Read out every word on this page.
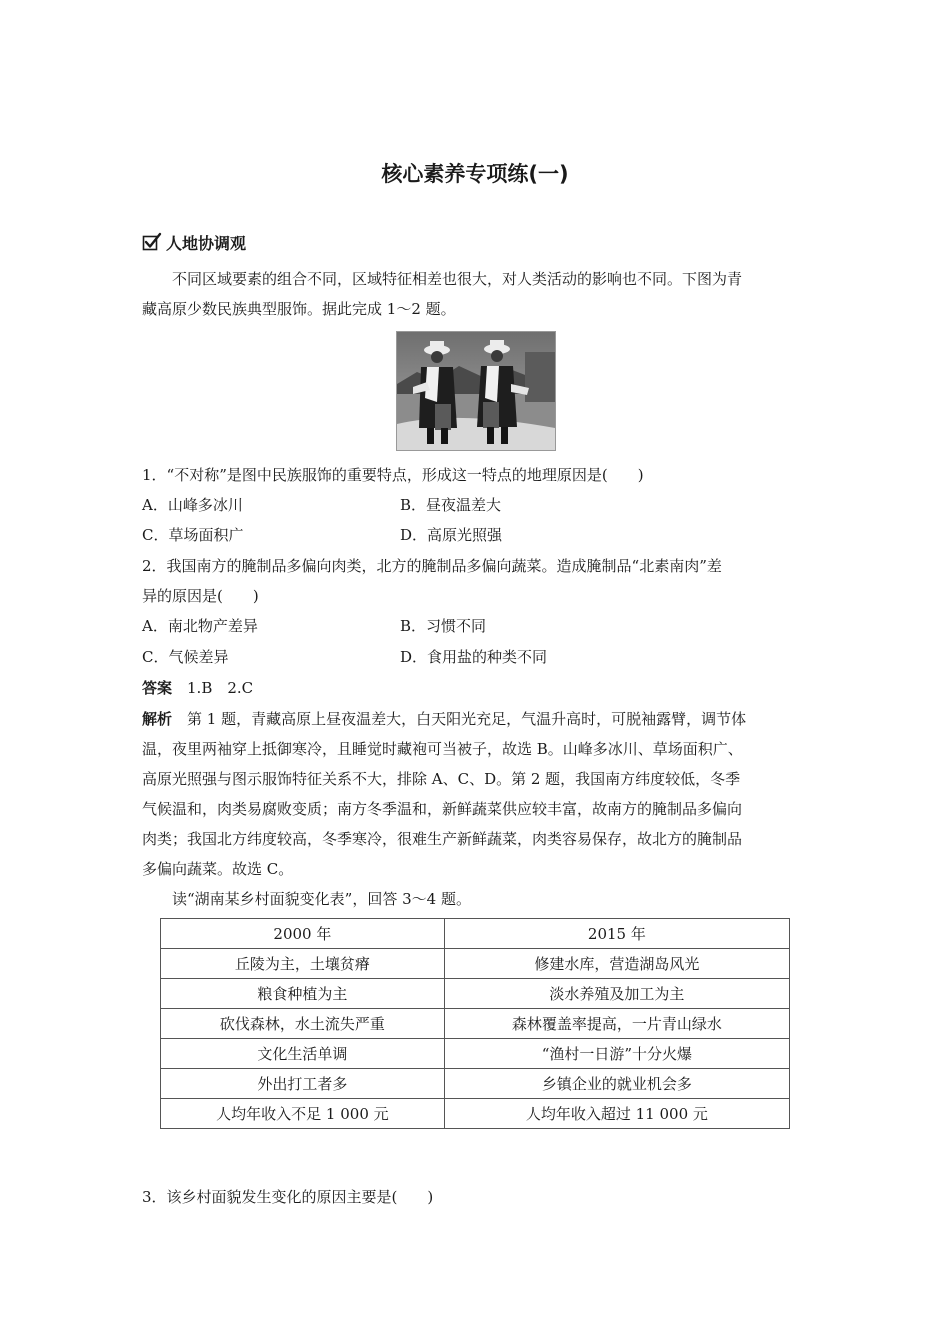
核心素养专项练(一)
人地协调观
不同区域要素的组合不同，区域特征相差也很大，对人类活动的影响也不同。下图为青
藏高原少数民族典型服饰。据此完成 1～2 题。
1．“不对称”是图中民族服饰的重要特点，形成这一特点的地理原因是(　　)
A．山峰多冰川	B．昼夜温差大
C．草场面积广	D．高原光照强
2．我国南方的腌制品多偏向肉类，北方的腌制品多偏向蔬菜。造成腌制品“北素南肉”差
异的原因是(　　)
A．南北物产差异	B．习惯不同
C．气候差异	D．食用盐的种类不同
答案　1.B　2.C
解析　第 1 题，青藏高原上昼夜温差大，白天阳光充足，气温升高时，可脱袖露臂，调节体
温，夜里两袖穿上抵御寒冷，且睡觉时藏袍可当被子，故选 B。山峰多冰川、草场面积广、
高原光照强与图示服饰特征关系不大，排除 A、C、D。第 2 题，我国南方纬度较低，冬季
气候温和，肉类易腐败变质；南方冬季温和，新鲜蔬菜供应较丰富，故南方的腌制品多偏向
肉类；我国北方纬度较高，冬季寒冷，很难生产新鲜蔬菜，肉类容易保存，故北方的腌制品
多偏向蔬菜。故选 C。
读“湖南某乡村面貌变化表”，回答 3～4 题。
2000 年	2015 年
丘陵为主，土壤贫瘠	修建水库，营造湖岛风光
粮食种植为主	淡水养殖及加工为主
砍伐森林，水土流失严重	森林覆盖率提高，一片青山绿水
文化生活单调	“渔村一日游”十分火爆
外出打工者多	乡镇企业的就业机会多
人均年收入不足 1 000 元	人均年收入超过 11 000 元
3．该乡村面貌发生变化的原因主要是(　　)
